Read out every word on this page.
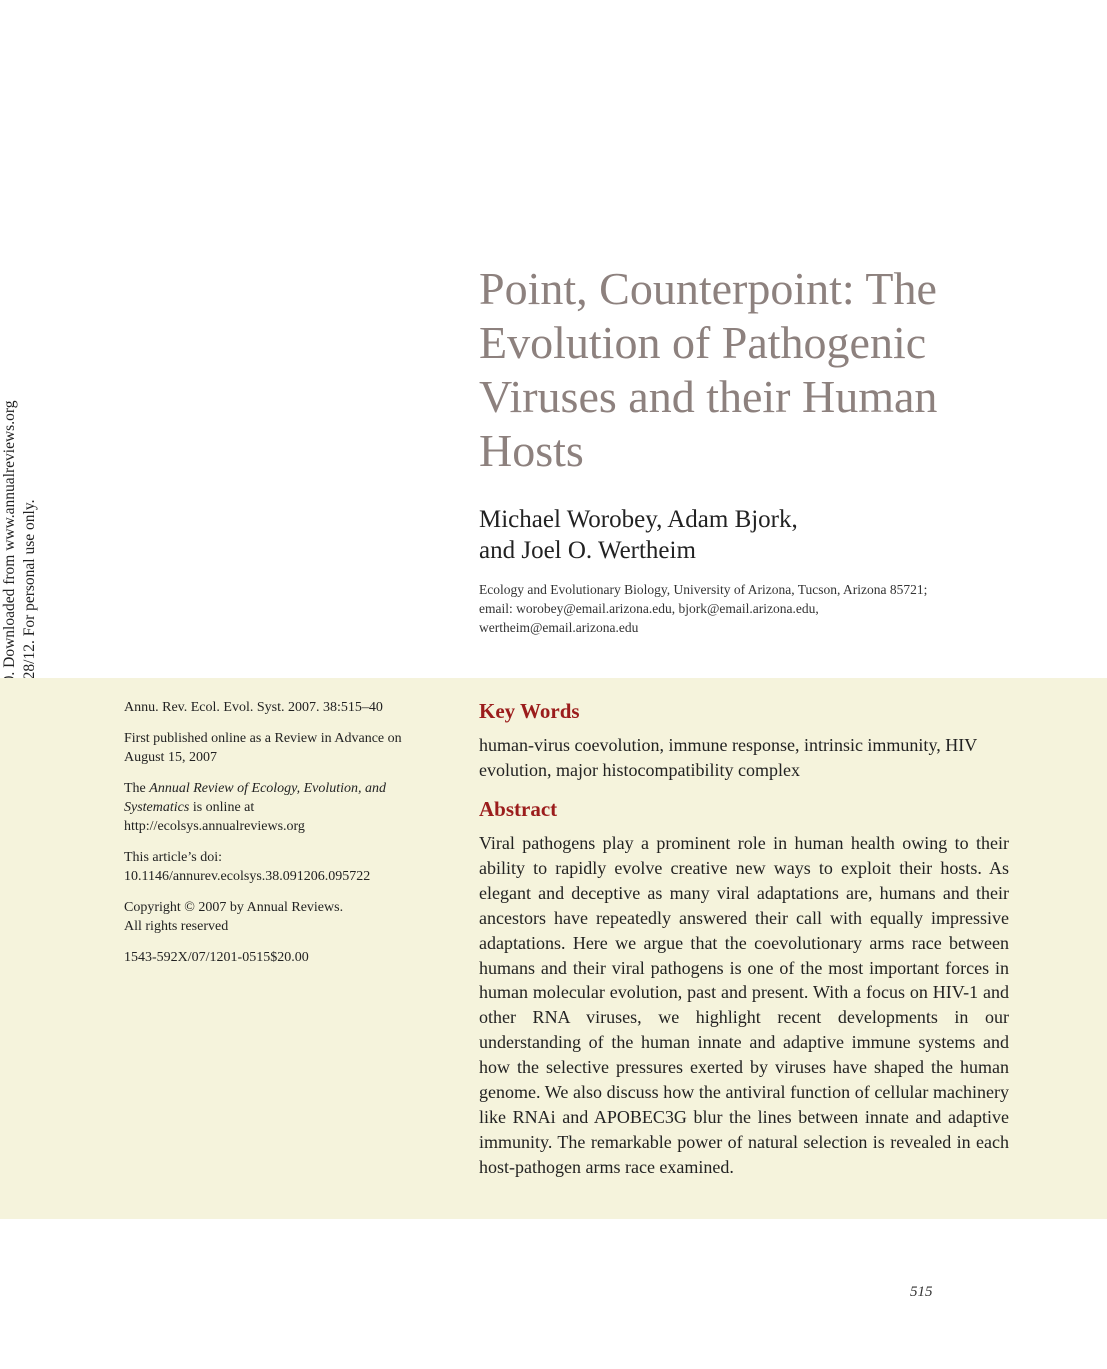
Point, Counterpoint: The Evolution of Pathogenic Viruses and their Human Hosts
Michael Worobey, Adam Bjork,
and Joel O. Wertheim
Ecology and Evolutionary Biology, University of Arizona, Tucson, Arizona 85721;
email: worobey@email.arizona.edu, bjork@email.arizona.edu,
wertheim@email.arizona.edu

Annu. Rev. Ecol. Evol. Syst. 2007. 38:515–40

First published online as a Review in Advance on August 15, 2007

The Annual Review of Ecology, Evolution, and Systematics is online at
http://ecolsys.annualreviews.org

This article’s doi:
10.1146/annurev.ecolsys.38.091206.095722

Copyright © 2007 by Annual Reviews.
All rights reserved

1543-592X/07/1201-0515$20.00

Key Words

human-virus coevolution, immune response, intrinsic immunity, HIV evolution, major histocompatibility complex

Abstract

Viral pathogens play a prominent role in human health owing to their ability to rapidly evolve creative new ways to exploit their hosts. As elegant and deceptive as many viral adaptations are, humans and their ancestors have repeatedly answered their call with equally impressive adaptations. Here we argue that the coevolutionary arms race between humans and their viral pathogens is one of the most important forces in human molecular evolution, past and present. With a focus on HIV-1 and other RNA viruses, we highlight recent developments in our understanding of the human innate and adaptive immune systems and how the selective pressures exerted by viruses have shaped the human genome. We also discuss how the antiviral function of cellular machinery like RNAi and APOBEC3G blur the lines between innate and adaptive immunity. The remarkable power of natural selection is revealed in each host-pathogen arms race examined.

515
